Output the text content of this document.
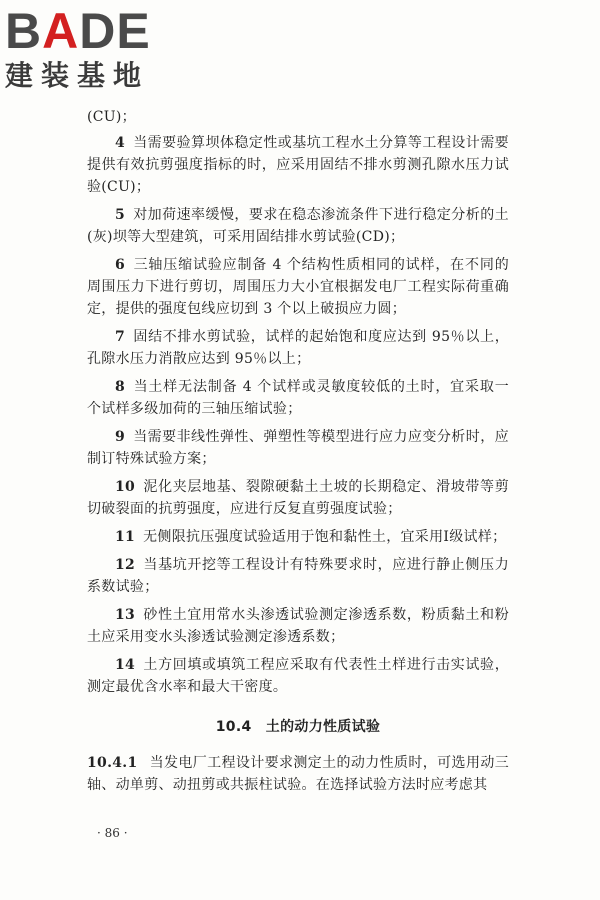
BADE
建装基地

(CU)；

4 当需要验算坝体稳定性或基坑工程水土分算等工程设计需要提供有效抗剪强度指标的时，应采用固结不排水剪测孔隙水压力试验(CU)；

5 对加荷速率缓慢，要求在稳态渗流条件下进行稳定分析的土(灰)坝等大型建筑，可采用固结排水剪试验(CD)；

6 三轴压缩试验应制备 4 个结构性质相同的试样，在不同的周围压力下进行剪切，周围压力大小宜根据发电厂工程实际荷重确定，提供的强度包线应切到 3 个以上破损应力圆；

7 固结不排水剪试验，试样的起始饱和度应达到 95％以上，孔隙水压力消散应达到 95％以上；

8 当土样无法制备 4 个试样或灵敏度较低的土时，宜采取一个试样多级加荷的三轴压缩试验；

9 当需要非线性弹性、弹塑性等模型进行应力应变分析时，应制订特殊试验方案；

10 泥化夹层地基、裂隙硬黏土土坡的长期稳定、滑坡带等剪切破裂面的抗剪强度，应进行反复直剪强度试验；

11 无侧限抗压强度试验适用于饱和黏性土，宜采用Ⅰ级试样；

12 当基坑开挖等工程设计有特殊要求时，应进行静止侧压力系数试验；

13 砂性土宜用常水头渗透试验测定渗透系数，粉质黏土和粉土应采用变水头渗透试验测定渗透系数；

14 土方回填或填筑工程应采取有代表性土样进行击实试验，测定最优含水率和最大干密度。

10.4　土的动力性质试验

10.4.1 当发电厂工程设计要求测定土的动力性质时，可选用动三轴、动单剪、动扭剪或共振柱试验。在选择试验方法时应考虑其

· 86 ·
